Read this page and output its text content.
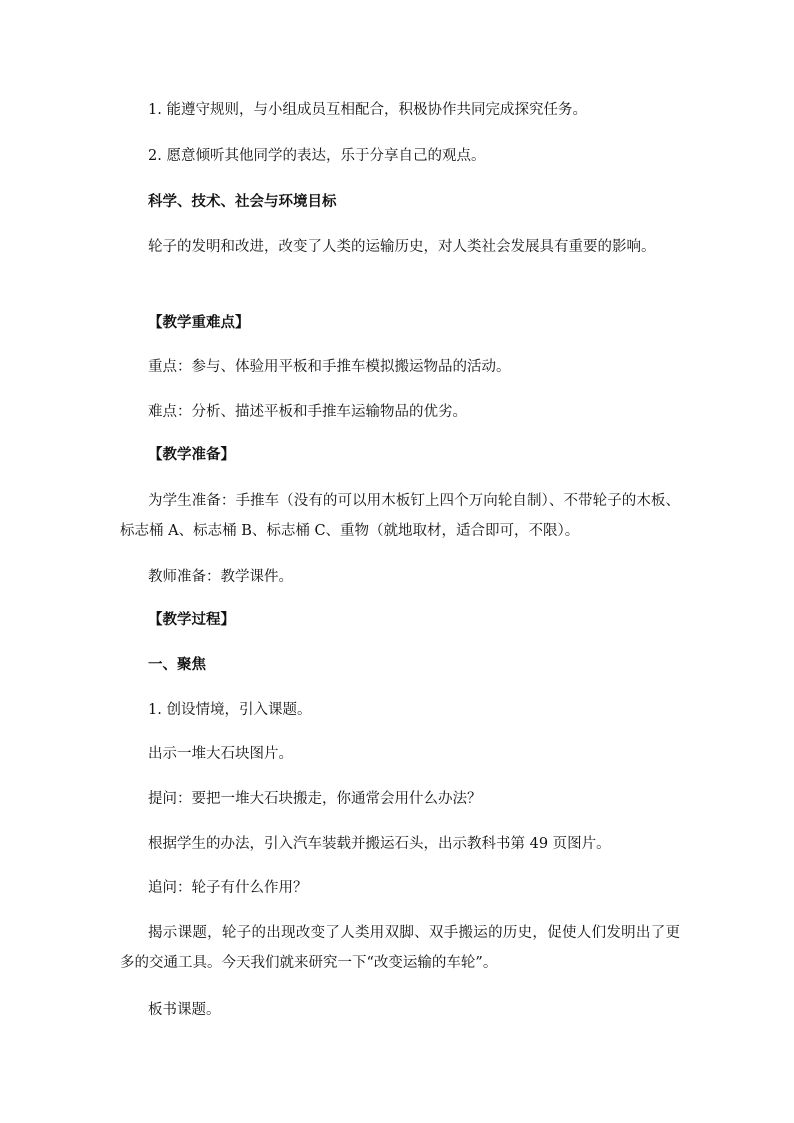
1. 能遵守规则，与小组成员互相配合，积极协作共同完成探究任务。
2. 愿意倾听其他同学的表达，乐于分享自己的观点。
科学、技术、社会与环境目标
轮子的发明和改进，改变了人类的运输历史，对人类社会发展具有重要的影响。
【教学重难点】
重点：参与、体验用平板和手推车模拟搬运物品的活动。
难点：分析、描述平板和手推车运输物品的优劣。
【教学准备】
为学生准备：手推车（没有的可以用木板钉上四个万向轮自制）、不带轮子的木板、标志桶 A、标志桶 B、标志桶 C、重物（就地取材，适合即可，不限）。
教师准备：教学课件。
【教学过程】
一、聚焦
1. 创设情境，引入课题。
出示一堆大石块图片。
提问：要把一堆大石块搬走，你通常会用什么办法？
根据学生的办法，引入汽车装载并搬运石头，出示教科书第 49 页图片。
追问：轮子有什么作用？
揭示课题，轮子的出现改变了人类用双脚、双手搬运的历史，促使人们发明出了更多的交通工具。今天我们就来研究一下“改变运输的车轮”。
板书课题。
